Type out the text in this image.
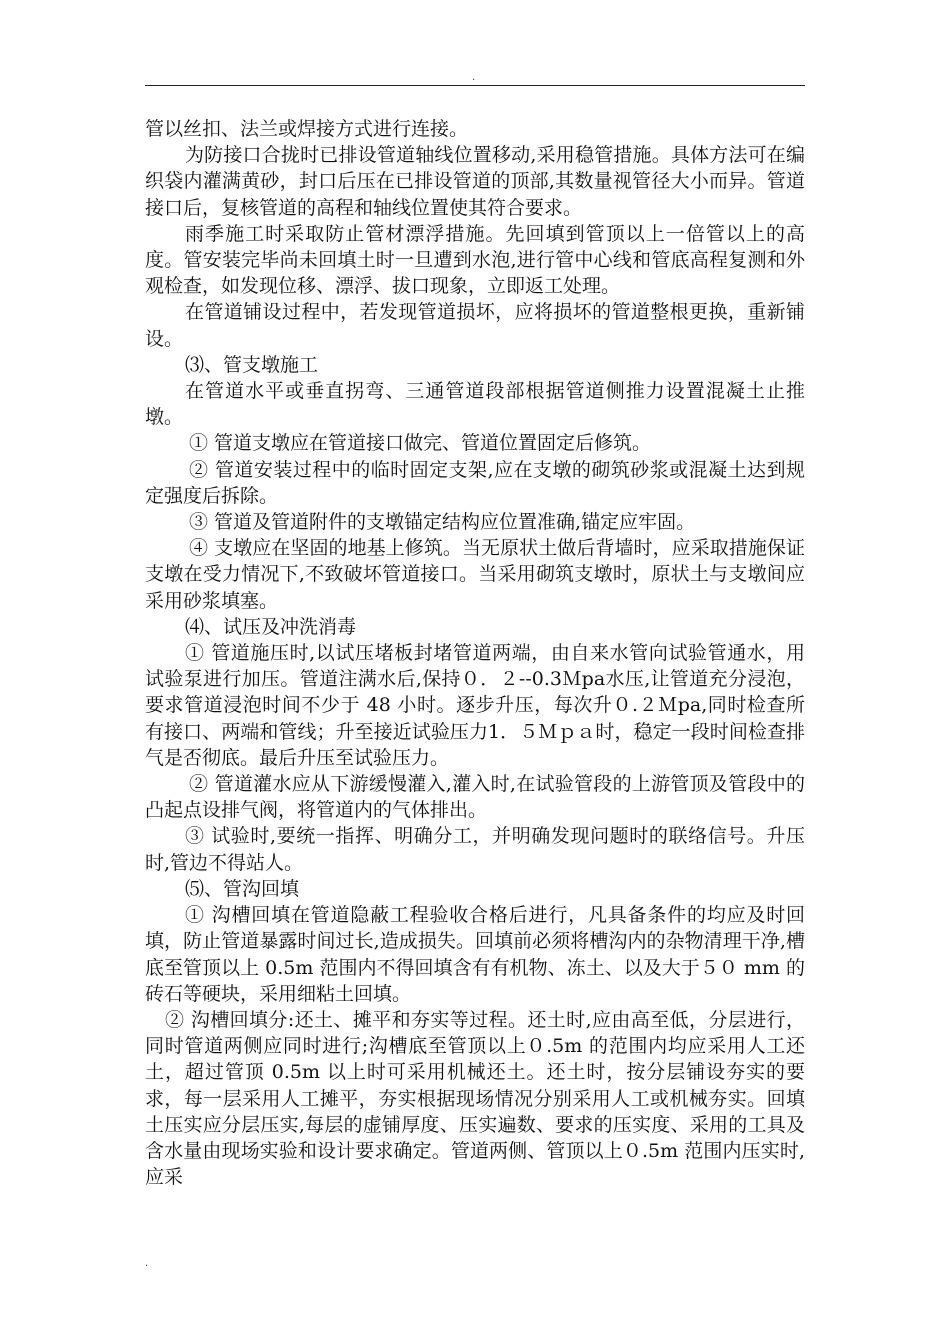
.

管以丝扣、法兰或焊接方式进行连接。

为防接口合拢时已排设管道轴线位置移动,采用稳管措施。具体方法可在编织袋内灌满黄砂，封口后压在已排设管道的顶部,其数量视管径大小而异。管道接口后，复核管道的高程和轴线位置使其符合要求。

雨季施工时采取防止管材漂浮措施。先回填到管顶以上一倍管以上的高度。管安装完毕尚未回填土时一旦遭到水泡,进行管中心线和管底高程复测和外观检查，如发现位移、漂浮、拔口现象，立即返工处理。

在管道铺设过程中，若发现管道损坏，应将损坏的管道整根更换，重新铺设。

⑶、管支墩施工

在管道水平或垂直拐弯、三通管道段部根据管道侧推力设置混凝土止推墩。

① 管道支墩应在管道接口做完、管道位置固定后修筑。

② 管道安装过程中的临时固定支架,应在支墩的砌筑砂浆或混凝土达到规定强度后拆除。

③ 管道及管道附件的支墩锚定结构应位置准确,锚定应牢固。

④ 支墩应在坚固的地基上修筑。当无原状土做后背墙时，应采取措施保证支墩在受力情况下,不致破坏管道接口。当采用砌筑支墩时，原状土与支墩间应采用砂浆填塞。

⑷、试压及冲洗消毒

① 管道施压时,以试压堵板封堵管道两端，由自来水管向试验管通水，用试验泵进行加压。管道注满水后,保持０．２--0.3Ｍpa水压,让管道充分浸泡，要求管道浸泡时间不少于 48 小时。逐步升压，每次升０.２Ｍpa,同时检查所有接口、两端和管线；升至接近试验压力1．５Ｍｐａ时，稳定一段时间检查排气是否彻底。最后升压至试验压力。

② 管道灌水应从下游缓慢灌入,灌入时,在试验管段的上游管顶及管段中的凸起点设排气阀，将管道内的气体排出。

③ 试验时,要统一指挥、明确分工，并明确发现问题时的联络信号。升压时,管边不得站人。

⑸、管沟回填

① 沟槽回填在管道隐蔽工程验收合格后进行，凡具备条件的均应及时回填，防止管道暴露时间过长,造成损失。回填前必须将槽沟内的杂物清理干净,槽底至管顶以上 0.5m 范围内不得回填含有有机物、冻土、以及大于５０ mm 的砖石等硬块，采用细粘土回填。

② 沟槽回填分:还土、摊平和夯实等过程。还土时,应由高至低，分层进行，同时管道两侧应同时进行;沟槽底至管顶以上０.5m 的范围内均应采用人工还土，超过管顶 0.5m 以上时可采用机械还土。还土时，按分层铺设夯实的要求，每一层采用人工摊平，夯实根据现场情况分别采用人工或机械夯实。回填土压实应分层压实,每层的虚铺厚度、压实遍数、要求的压实度、采用的工具及含水量由现场实验和设计要求确定。管道两侧、管顶以上０.5m 范围内压实时,应采

.
